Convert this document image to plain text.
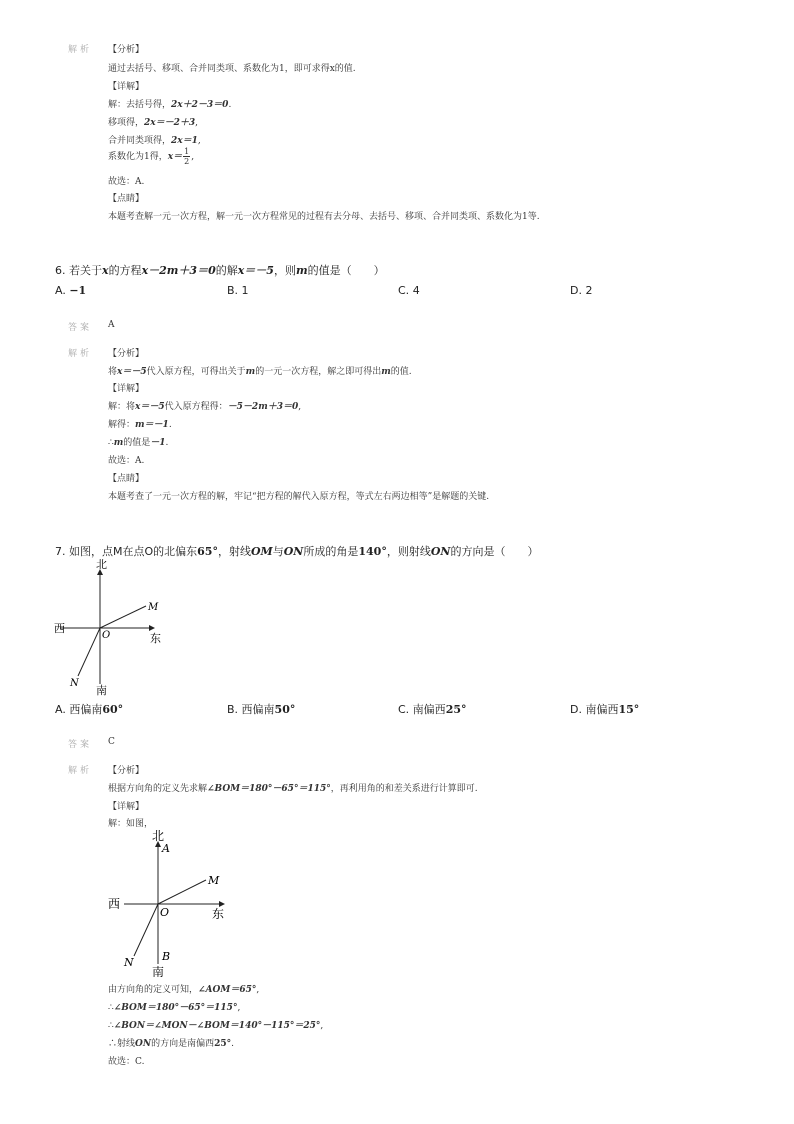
解析 【分析】
通过去括号、移项、合并同类项、系数化为1，即可求得x的值.
【详解】
解：去括号得，2x＋2－3＝0.
移项得，2x＝－2＋3,
合并同类项得，2x＝1,
系数化为1得，$x= \frac{1}{2}$ ,
故选：A.
【点睛】
本题考查解一元一次方程，解一元一次方程常见的过程有去分母、去括号、移项、合并同类项、系数化为1等.
6. 若关于x的方程x－2m＋3＝0的解x＝－5，则m的值是（　　）
A. −1	B. 1	C. 4	D. 2
答案 A
解析 【分析】
将x＝－5代入原方程，可得出关于m的一元一次方程，解之即可得出m的值.
【详解】
解：将x＝－5代入原方程得：－5－2m＋3＝0,
解得：m＝－1.
∴m的值是－1.
故选：A.
【点睛】
本题考查了一元一次方程的解，牢记“把方程的解代入原方程，等式左右两边相等”是解题的关键.
7. 如图，点M在点O的北偏东65°，射线OM与ON所成的角是140°，则射线ON的方向是（　　）
北
南
西
东
O
M
N
A. 西偏南60°	B. 西偏南50°	C. 南偏西25°	D. 南偏西15°
答案 C
解析 【分析】
根据方向角的定义先求解∠BOM＝180°－65°＝115°，再利用角的和差关系进行计算即可.
【详解】
解：如图，
北
南
西
东
O
M
N
A
B
由方向角的定义可知，∠AOM＝65°,
∴∠BOM＝180°－65°＝115°,
∴∠BON＝∠MON－∠BOM＝140°－115°＝25°,
∴射线ON的方向是南偏西25°.
故选：C.
